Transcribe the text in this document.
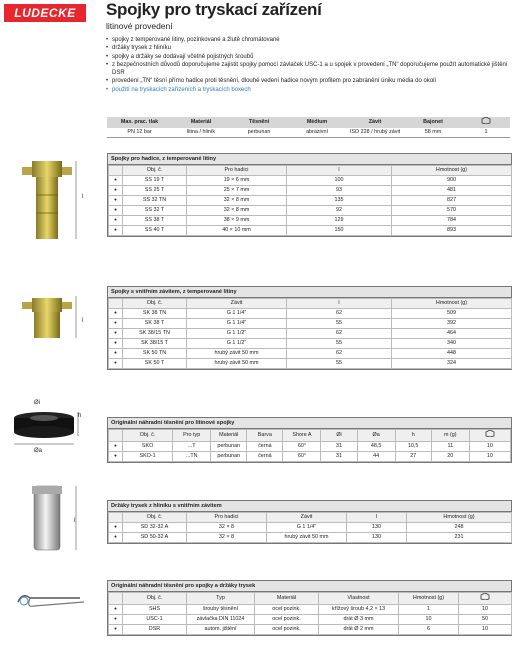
LUDECKE	Spojky pro tryskací zařízení
litinové provedení
• spojky z temperované litiny, pozinkované a žlutě chromátované
• držáky trysek z hliníku
• spojky a držáky se dodávají včetně pojistných šroubů
• z bezpečnostních důvodů doporučujeme zajistit spojky pomocí závlaček USC-1 a u spojek v provedení „TN“ doporučujeme použít automatické jištění DSR
• provedení „TN“ těsní přímo hadice proti těsnění, dlouhé vedení hadice novým profilem pro zabránění úniku média do okolí
• použití na tryskacích zařízeních a tryskacích boxech
Max. prac. tlak	Materiál	Těsnění	Médium	Závit	Bajonet	
PN 12 bar	litina / hliník	perbunan	abrazivní	ISO 228 / hrubý závit	58 mm	1
l
l
Øi
h
Øa
l
Spojky pro hadice, z temperované litiny
	Obj. č.	Pro hadici	l	Hmotnost (g)
•	SS 19 T	19 × 6 mm	100	900
•	SS 25 T	25 × 7 mm	93	481
•	SS 32 TN	32 × 8 mm	135	827
•	SS 32 T	32 × 8 mm	92	570
•	SS 38 T	38 × 9 mm	129	784
•	SS 40 T	40 × 10 mm	150	893
Spojky s vnitřním závitem, z temperované litiny
	Obj. č.	Závit	l	Hmotnost (g)
•	SK 38 TN	G 1 1/4"	62	509
•	SK 38 T	G 1 1/4"	55	392
•	SK 38/15 TN	G 1 1/2"	62	464
•	SK 38/15 T	G 1 1/2"	55	340
•	SK 50 TN	hrubý závit 50 mm	62	448
•	SK 50 T	hrubý závit 50 mm	55	324
Originální náhradní těsnění pro litinové spojky
	Obj. č.	Pro typ	Materiál	Barva	Shore A	Øi	Øa	h	m (g)	
•	SKO	...T	perbunan	černá	60°	31	48,5	10,5	11	10
•	SKO-1	...TN	perbunan	černá	60°	31	44	27	20	10
Držáky trysek z hliníku s vnitřním závitem
	Obj. č.	Pro hadici	Závit	l	Hmotnost (g)
•	SD 32-32 A	32 × 8	G 1 1/4"	130	248
•	SD 50-32 A	32 × 8	hrubý závit 50 mm	130	231
Originální náhradní těsnění pro spojky a držáky trysek
	Obj. č.	Typ	Materiál	Vlastnost	Hmotnost (g)	
•	SHS	šrouby těsnění	ocel pozink.	křížový šroub 4,2 × 13	1	10
•	USC-1	závlačka DIN 11024	ocel pozink.	drát Ø 3 mm	10	50
•	DSR	autom. jištění	ocel pozink.	drát Ø 2 mm	6	10
